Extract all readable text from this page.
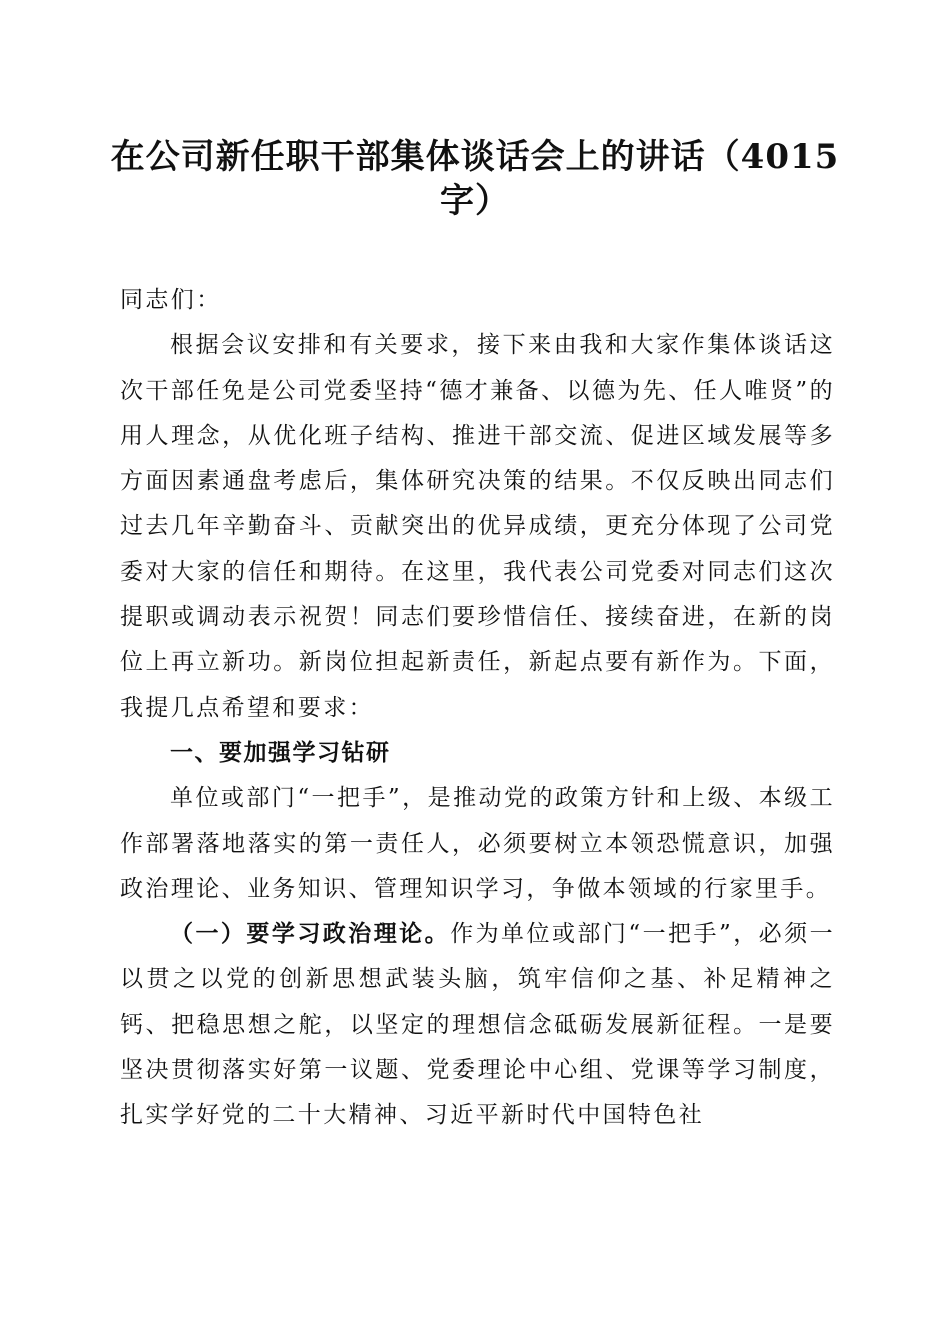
在公司新任职干部集体谈话会上的讲话（4015字）

同志们：

根据会议安排和有关要求，接下来由我和大家作集体谈话这次干部任免是公司党委坚持“德才兼备、以德为先、任人唯贤”的用人理念，从优化班子结构、推进干部交流、促进区域发展等多方面因素通盘考虑后，集体研究决策的结果。不仅反映出同志们过去几年辛勤奋斗、贡献突出的优异成绩，更充分体现了公司党委对大家的信任和期待。在这里，我代表公司党委对同志们这次提职或调动表示祝贺！同志们要珍惜信任、接续奋进，在新的岗位上再立新功。新岗位担起新责任，新起点要有新作为。下面，我提几点希望和要求：

一、要加强学习钻研

单位或部门“一把手”，是推动党的政策方针和上级、本级工作部署落地落实的第一责任人，必须要树立本领恐慌意识，加强政治理论、业务知识、管理知识学习，争做本领域的行家里手。

（一）要学习政治理论。作为单位或部门“一把手”，必须一以贯之以党的创新思想武装头脑，筑牢信仰之基、补足精神之钙、把稳思想之舵，以坚定的理想信念砥砺发展新征程。一是要坚决贯彻落实好第一议题、党委理论中心组、党课等学习制度，扎实学好党的二十大精神、习近平新时代中国特色社
